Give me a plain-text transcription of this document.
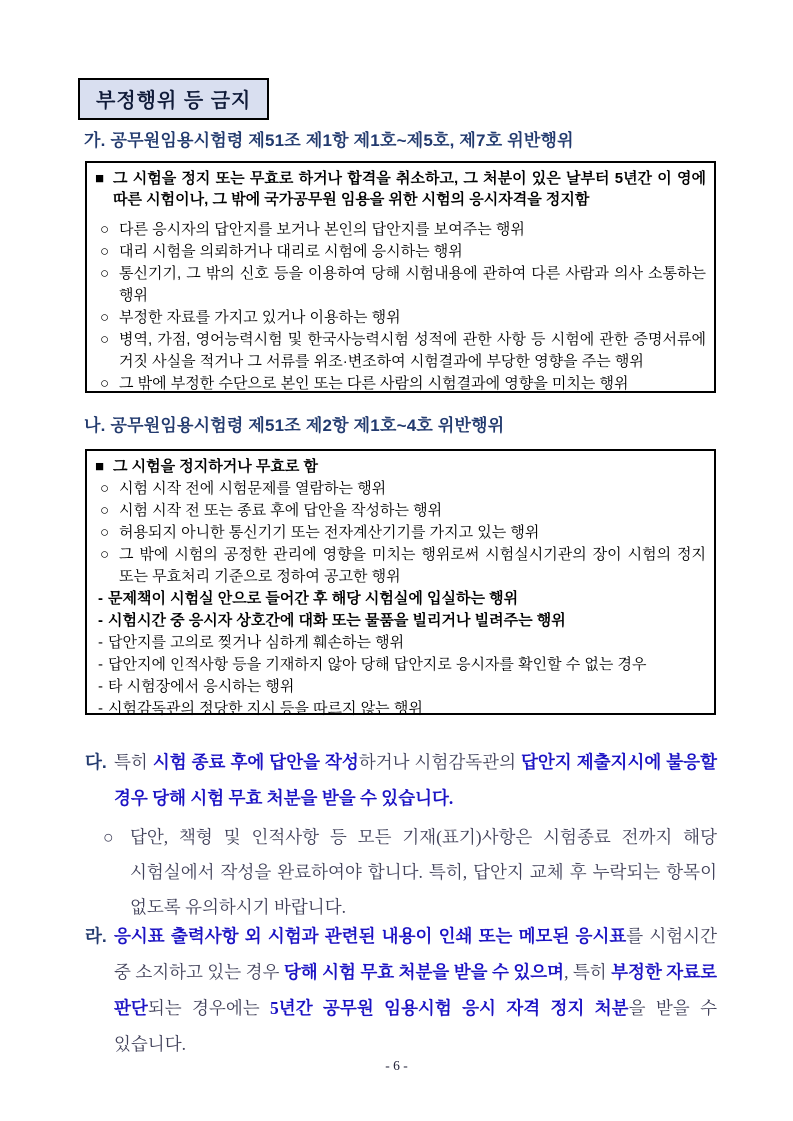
부정행위 등 금지
가. 공무원임용시험령 제51조 제1항 제1호~제5호, 제7호 위반행위
■ 그 시험을 정지 또는 무효로 하거나 합격을 취소하고, 그 처분이 있은 날부터 5년간 이 영에 따른 시험이나, 그 밖에 국가공무원 임용을 위한 시험의 응시자격을 정지함
○ 다른 응시자의 답안지를 보거나 본인의 답안지를 보여주는 행위
○ 대리 시험을 의뢰하거나 대리로 시험에 응시하는 행위
○ 통신기기, 그 밖의 신호 등을 이용하여 당해 시험내용에 관하여 다른 사람과 의사 소통하는 행위
○ 부정한 자료를 가지고 있거나 이용하는 행위
○ 병역, 가점, 영어능력시험 및 한국사능력시험 성적에 관한 사항 등 시험에 관한 증명서류에 거짓 사실을 적거나 그 서류를 위조·변조하여 시험결과에 부당한 영향을 주는 행위
○ 그 밖에 부정한 수단으로 본인 또는 다른 사람의 시험결과에 영향을 미치는 행위
나. 공무원임용시험령 제51조 제2항 제1호~4호 위반행위
■ 그 시험을 정지하거나 무효로 함
○ 시험 시작 전에 시험문제를 열람하는 행위
○ 시험 시작 전 또는 종료 후에 답안을 작성하는 행위
○ 허용되지 아니한 통신기기 또는 전자계산기기를 가지고 있는 행위
○ 그 밖에 시험의 공정한 관리에 영향을 미치는 행위로써 시험실시기관의 장이 시험의 정지 또는 무효처리 기준으로 정하여 공고한 행위
- 문제책이 시험실 안으로 들어간 후 해당 시험실에 입실하는 행위
- 시험시간 중 응시자 상호간에 대화 또는 물품을 빌리거나 빌려주는 행위
- 답안지를 고의로 찢거나 심하게 훼손하는 행위
- 답안지에 인적사항 등을 기재하지 않아 당해 답안지로 응시자를 확인할 수 없는 경우
- 타 시험장에서 응시하는 행위
- 시험감독관의 정당한 지시 등을 따르지 않는 행위
다. 특히 시험 종료 후에 답안을 작성하거나 시험감독관의 답안지 제출지시에 불응할 경우 당해 시험 무효 처분을 받을 수 있습니다.
○ 답안, 책형 및 인적사항 등 모든 기재(표기)사항은 시험종료 전까지 해당 시험실에서 작성을 완료하여야 합니다. 특히, 답안지 교체 후 누락되는 항목이 없도록 유의하시기 바랍니다.
라. 응시표 출력사항 외 시험과 관련된 내용이 인쇄 또는 메모된 응시표를 시험시간 중 소지하고 있는 경우 당해 시험 무효 처분을 받을 수 있으며, 특히 부정한 자료로 판단되는 경우에는 5년간 공무원 임용시험 응시 자격 정지 처분을 받을 수 있습니다.
- 6 -
